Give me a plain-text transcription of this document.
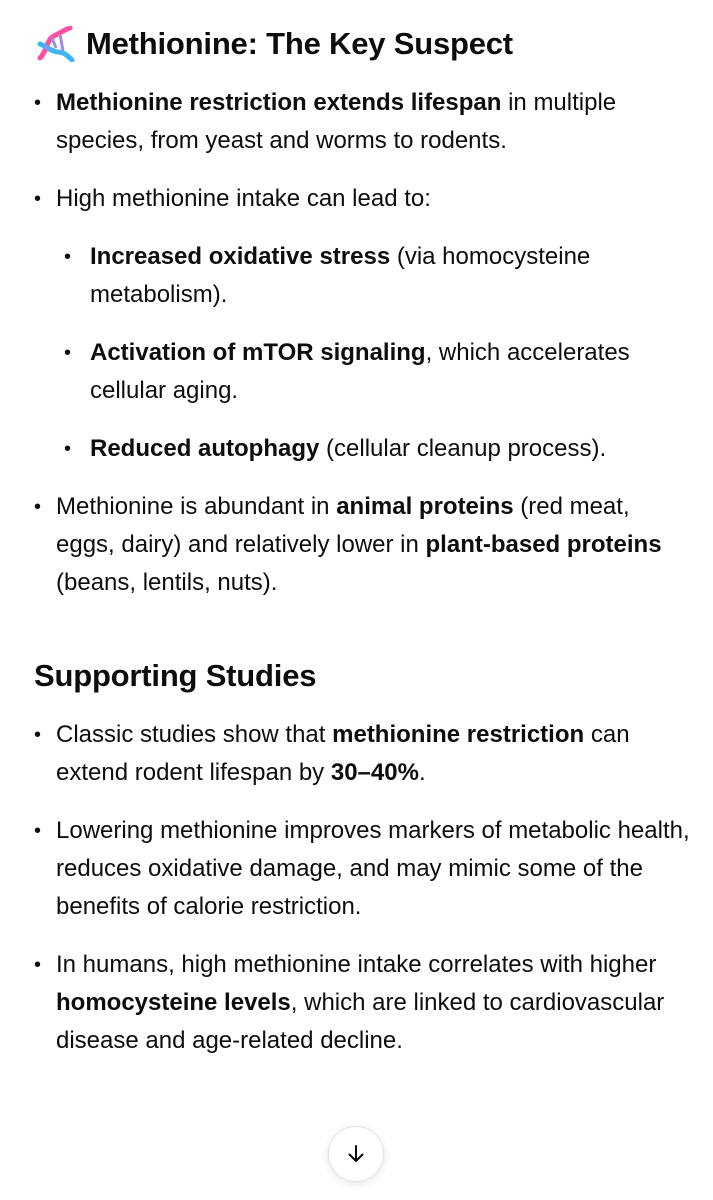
Methionine: The Key Suspect
• Methionine restriction extends lifespan in multiple species, from yeast and worms to rodents.
• High methionine intake can lead to:
• Increased oxidative stress (via homocysteine metabolism).
• Activation of mTOR signaling, which accelerates cellular aging.
• Reduced autophagy (cellular cleanup process).
• Methionine is abundant in animal proteins (red meat, eggs, dairy) and relatively lower in plant-based proteins (beans, lentils, nuts).
Supporting Studies
• Classic studies show that methionine restriction can extend rodent lifespan by 30–40%.
• Lowering methionine improves markers of metabolic health, reduces oxidative damage, and may mimic some of the benefits of calorie restriction.
• In humans, high methionine intake correlates with higher homocysteine levels, which are linked to cardiovascular disease and age-related decline.
